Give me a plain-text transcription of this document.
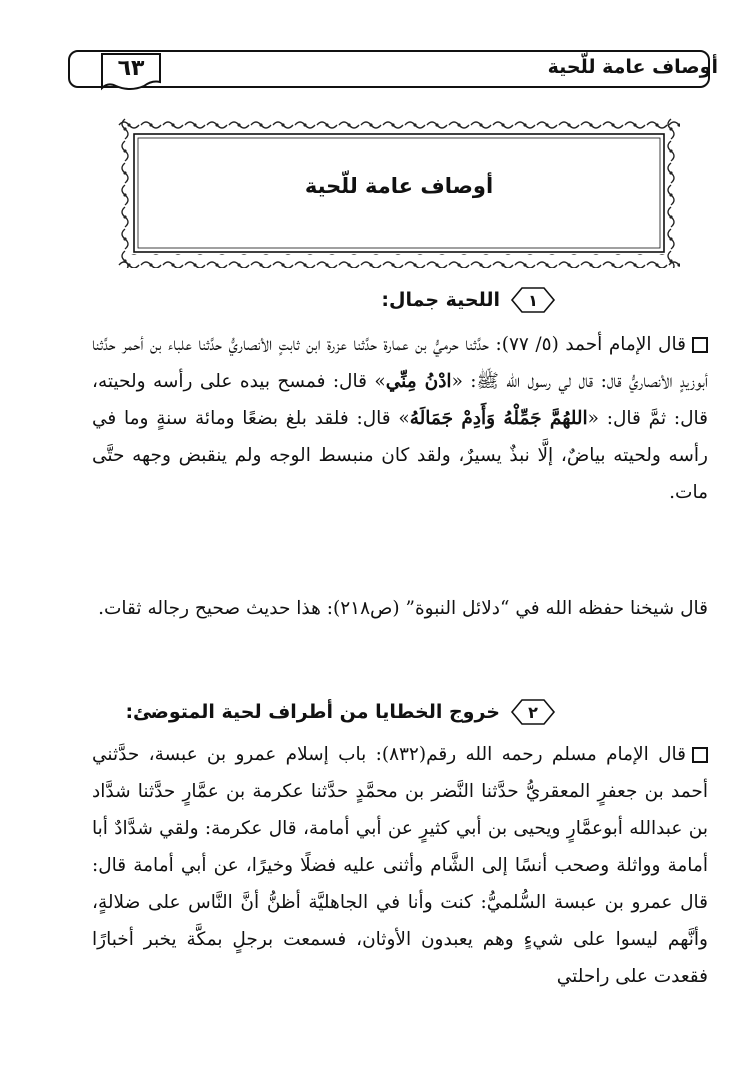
٦٣	أوصاف عامة للّحية
أوصاف عامة للّحية
١
اللحية جمال:
قال الإمام أحمد (٥/ ٧٧): حدَّثنا حرميُّ بن عمارة حدَّثنا عزرة ابن ثابتٍ الأنصاريُّ حدَّثنا علباء بن أحمر حدَّثنا أبوزيدٍ الأنصاريُّ قال: قال لي رسول الله ﷺ: «ادْنُ مِنِّي» قال: فمسح بيده على رأسه ولحيته، قال: ثمَّ قال: «اللهُمَّ جَمِّلْهُ وَأَدِمْ جَمَالَهُ» قال: فلقد بلغ بضعًا ومائة سنةٍ وما في رأسه ولحيته بياضٌ، إلَّا نبذٌ يسيرٌ، ولقد كان منبسط الوجه ولم ينقبض وجهه حتَّى مات.
قال شيخنا حفظه الله في “دلائل النبوة” (ص٢١٨): هذا حديث صحيح رجاله ثقات.
٢
خروج الخطايا من أطراف لحية المتوضئ:
قال الإمام مسلم رحمه الله رقم(٨٣٢): باب إسلام عمرو بن عبسة، حدَّثني أحمد بن جعفرٍ المعقريُّ حدَّثنا النَّضر بن محمَّدٍ حدَّثنا عكرمة بن عمَّارٍ حدَّثنا شدَّاد بن عبدالله أبوعمَّارٍ ويحيى بن أبي كثيرٍ عن أبي أمامة، قال عكرمة: ولقي شدَّادٌ أبا أمامة وواثلة وصحب أنسًا إلى الشَّام وأثنى عليه فضلًا وخيرًا، عن أبي أمامة قال: قال عمرو بن عبسة السُّلميُّ: كنت وأنا في الجاهليَّة أظنُّ أنَّ النَّاس على ضلالةٍ، وأنَّهم ليسوا على شيءٍ وهم يعبدون الأوثان، فسمعت برجلٍ بمكَّة يخبر أخبارًا فقعدت على راحلتي
